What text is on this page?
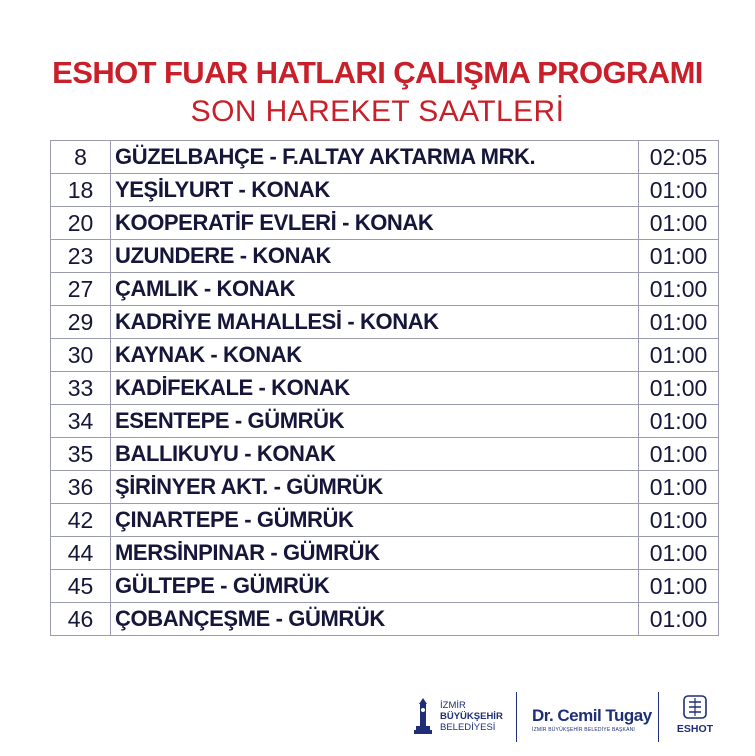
ESHOT FUAR HATLARI ÇALIŞMA PROGRAMI
SON HAREKET SAATLERİ
8	GÜZELBAHÇE - F.ALTAY AKTARMA MRK.	02:05
18	YEŞİLYURT - KONAK	01:00
20	KOOPERATİF EVLERİ - KONAK	01:00
23	UZUNDERE - KONAK	01:00
27	ÇAMLIK - KONAK	01:00
29	KADRİYE MAHALLESİ - KONAK	01:00
30	KAYNAK - KONAK	01:00
33	KADİFEKALE - KONAK	01:00
34	ESENTEPE - GÜMRÜK	01:00
35	BALLIKUYU - KONAK	01:00
36	ŞİRİNYER AKT. - GÜMRÜK	01:00
42	ÇINARTEPE - GÜMRÜK	01:00
44	MERSİNPINAR - GÜMRÜK	01:00
45	GÜLTEPE - GÜMRÜK	01:00
46	ÇOBANÇEŞME - GÜMRÜK	01:00
İZMİR
BÜYÜKŞEHİR
BELEDİYESİ
Dr. Cemil Tugay
İZMİR BÜYÜKŞEHİR BELEDİYE BAŞKANI	ESHOT
